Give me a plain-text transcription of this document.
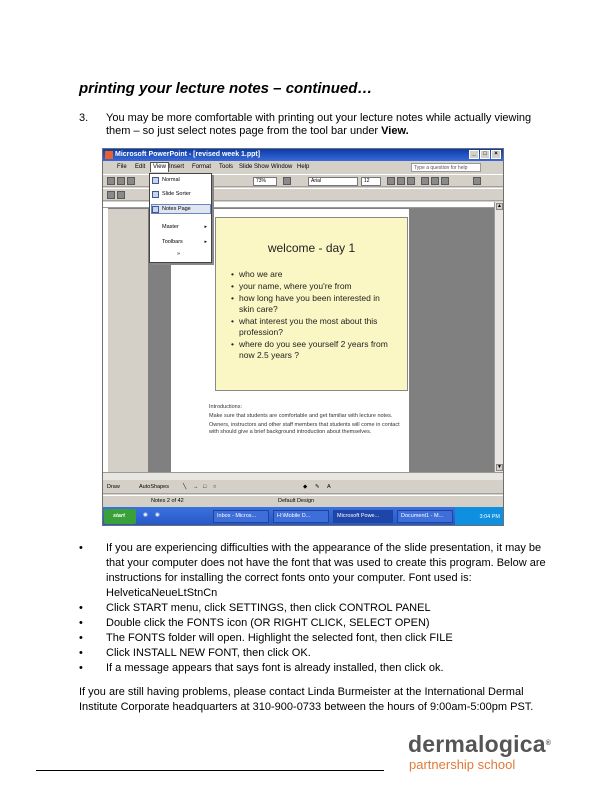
printing your lecture notes – continued…
3. You may be more comfortable with printing out your lecture notes while actually viewing them – so just select notes page from the tool bar under View.
Microsoft PowerPoint - [revised week 1.ppt]	_	□	×
File Edit	View Insert Format Tools Slide Show Window Help	Type a question for help
73%	Arial	12
welcome - day 1
• who we are
• your name, where you're from
• how long have you been interested in skin care?
• what interest you the most about this profession?
• where do you see yourself 2 years from now 2.5 years ?

Introductions:

Make sure that students are comfortable and get familiar with lecture notes.

Owners, instructors and other staff members that students will come in contact with should give a brief background introduction about themselves.

▲
▼
Normal
Slide Sorter
Notes Page
Master	▸
Toolbars	▸
»
Draw	AutoShapes	╲ → □ ○	◆ ✎ A
Notes 2 of 42	Default Design
start	◉ ◉	Inbox - Micros...	H:\Mobile D...	Microsoft Powe...	Document1 - M...	3:04 PM
• If you are experiencing difficulties with the appearance of the slide presentation, it may be that your computer does not have the font that was used to create this program. Below are instructions for installing the correct fonts onto your computer. Font used is: HelveticaNeueLtStnCn
• Click START menu, click SETTINGS, then click CONTROL PANEL
• Double click the FONTS icon (OR RIGHT CLICK, SELECT OPEN)
• The FONTS folder will open. Highlight the selected font, then click FILE
• Click INSTALL NEW FONT, then click OK.
• If a message appears that says font is already installed, then click ok.
If you are still having problems, please contact Linda Burmeister at the International Dermal Institute Corporate headquarters at 310-900-0733 between the hours of 9:00am-5:00pm PST.
dermalogica®
partnership school
